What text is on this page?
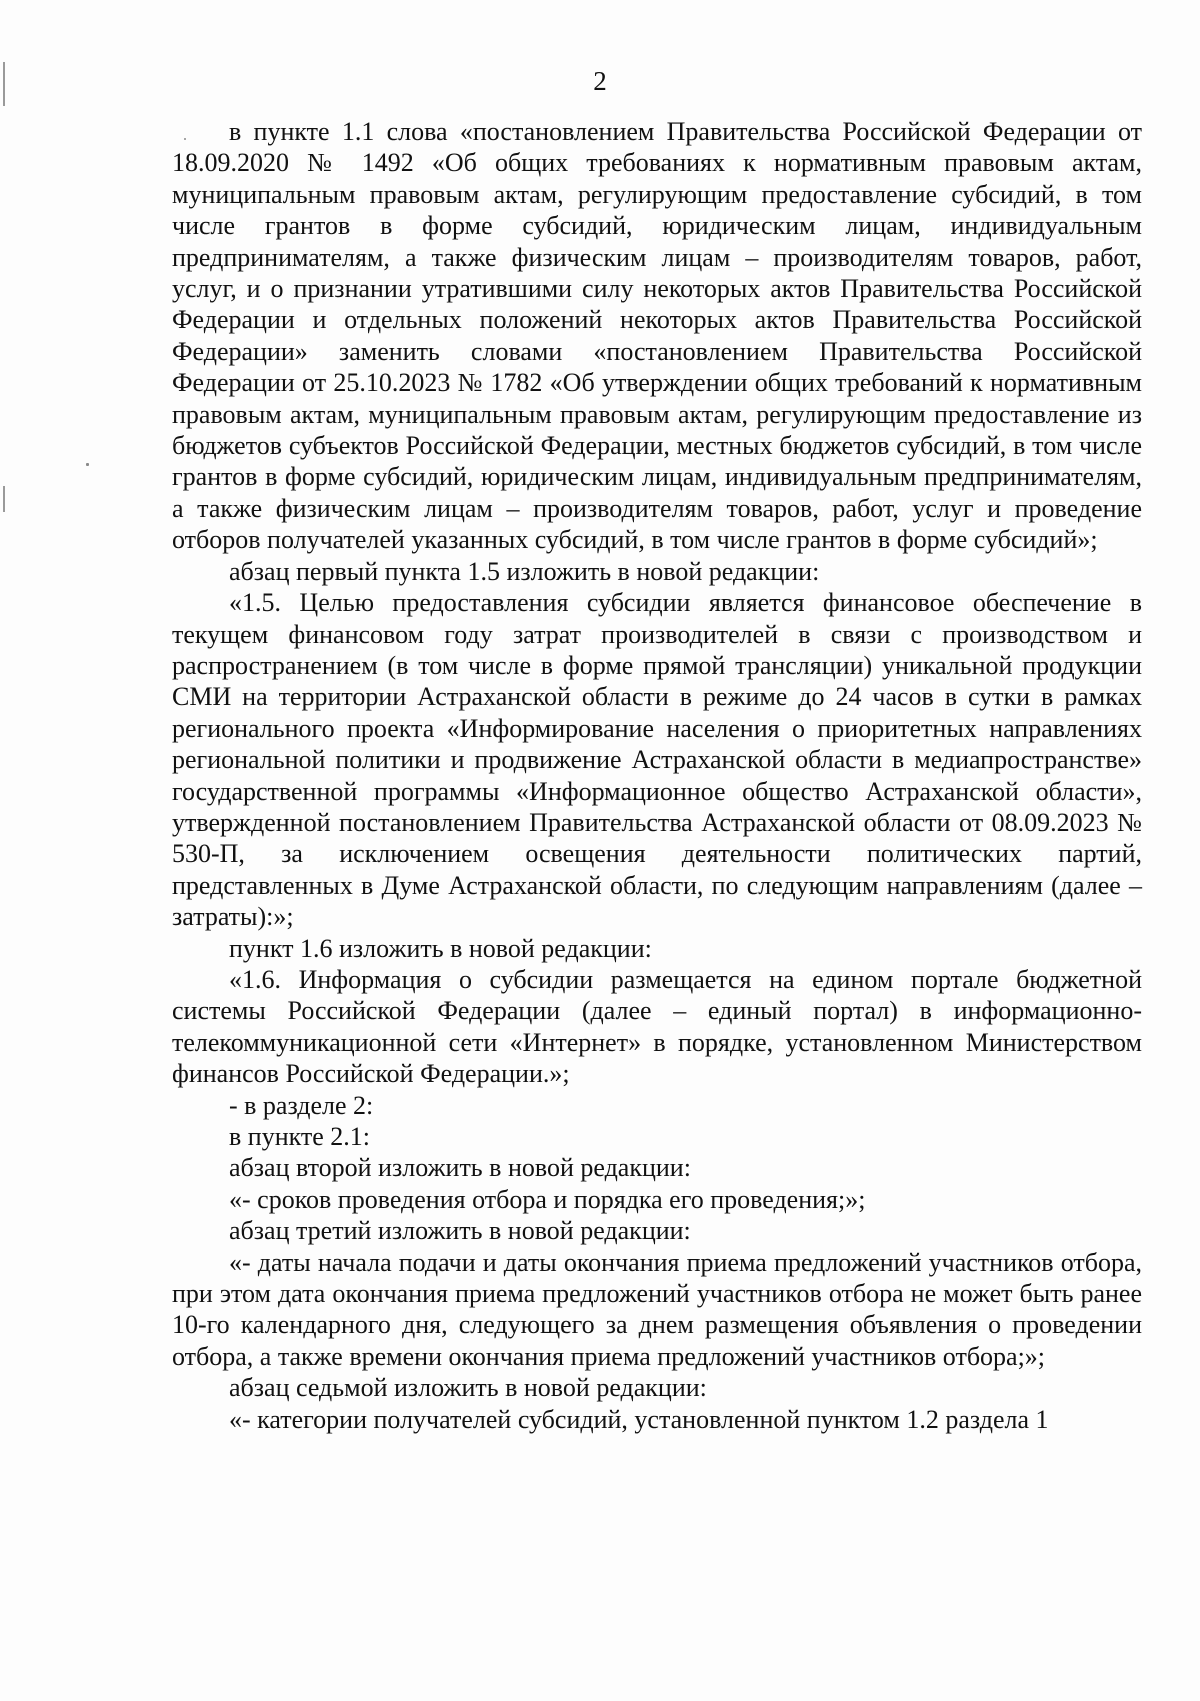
2

в пункте 1.1 слова «постановлением Правительства Российской Федерации от 18.09.2020 № 1492 «Об общих требованиях к нормативным правовым актам, муниципальным правовым актам, регулирующим предоставление субсидий, в том числе грантов в форме субсидий, юридическим лицам, индивидуальным предпринимателям, а также физическим лицам – производителям товаров, работ, услуг, и о признании утратившими силу некоторых актов Правительства Российской Федерации и отдельных положений некоторых актов Правительства Российской Федерации» заменить словами «постановлением Правительства Российской Федерации от 25.10.2023 № 1782 «Об утверждении общих требований к нормативным правовым актам, муниципальным правовым актам, регулирующим предоставление из бюджетов субъектов Российской Федерации, местных бюджетов субсидий, в том числе грантов в форме субсидий, юридическим лицам, индивидуальным предпринимателям, а также физическим лицам – производителям товаров, работ, услуг и проведение отборов получателей указанных субсидий, в том числе грантов в форме субсидий»;

абзац первый пункта 1.5 изложить в новой редакции:

«1.5. Целью предоставления субсидии является финансовое обеспечение в текущем финансовом году затрат производителей в связи с производством и распространением (в том числе в форме прямой трансляции) уникальной продукции СМИ на территории Астраханской области в режиме до 24 часов в сутки в рамках регионального проекта «Информирование населения о приоритетных направлениях региональной политики и продвижение Астраханской области в медиапространстве» государственной программы «Информационное общество Астраханской области», утвержденной постановлением Правительства Астраханской области от 08.09.2023 № 530-П, за исключением освещения деятельности политических партий, представленных в Думе Астраханской области, по следующим направлениям (далее – затраты):»;

пункт 1.6 изложить в новой редакции:

«1.6. Информация о субсидии размещается на едином портале бюджетной системы Российской Федерации (далее – единый портал) в информационно-телекоммуникационной сети «Интернет» в порядке, установленном Министерством финансов Российской Федерации.»;

- в разделе 2:

в пункте 2.1:

абзац второй изложить в новой редакции:

«- сроков проведения отбора и порядка его проведения;»;

абзац третий изложить в новой редакции:

«- даты начала подачи и даты окончания приема предложений участников отбора, при этом дата окончания приема предложений участников отбора не может быть ранее 10-го календарного дня, следующего за днем размещения объявления о проведении отбора, а также времени окончания приема предложений участников отбора;»;

абзац седьмой изложить в новой редакции:

«- категории получателей субсидий, установленной пунктом 1.2 раздела 1
